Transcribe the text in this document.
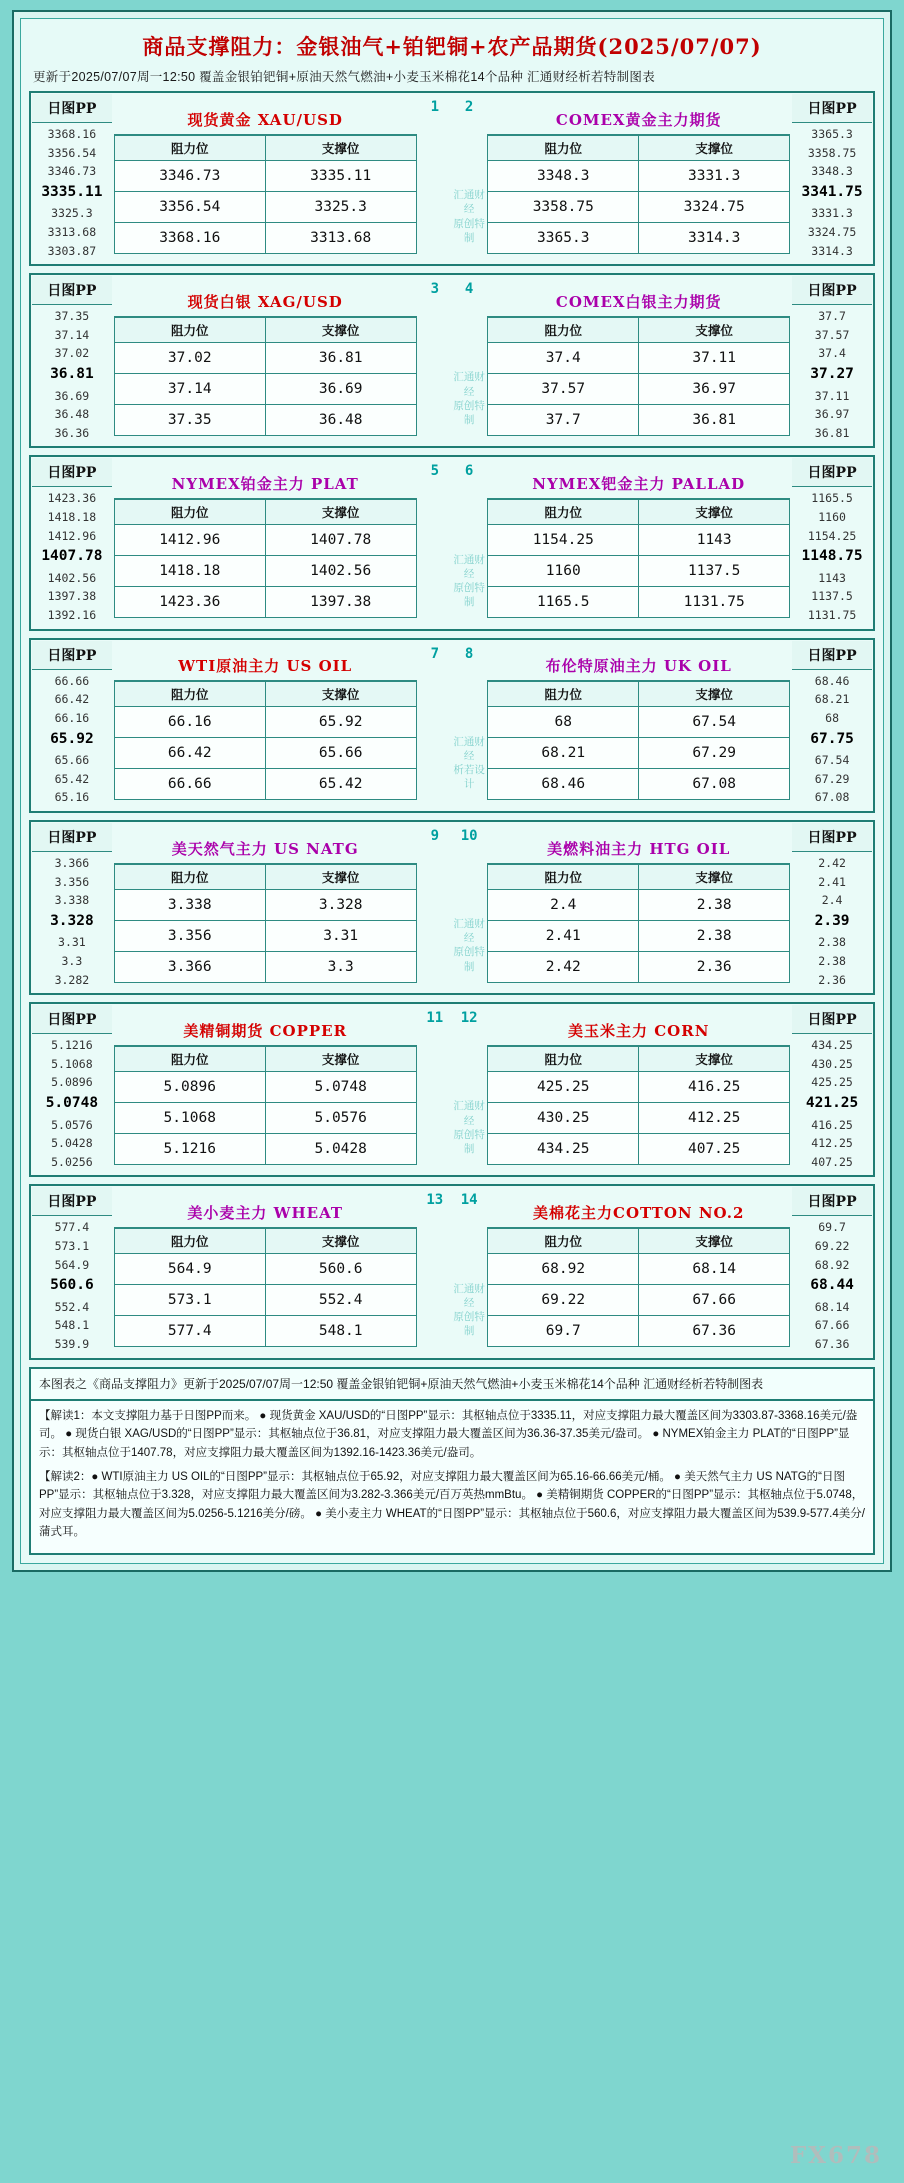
商品支撑阻力：金银油气+铂钯铜+农产品期货(2025/07/07)
更新于2025/07/07周一12:50 覆盖金银铂钯铜+原油天然气燃油+小麦玉米棉花14个品种 汇通财经析若特制图表
日图PP
3368.16
3356.54
3346.73
3335.11
3325.3
3313.68
3303.87

现货黄金 XAU/USD
阻力位	支撑位
3346.73	3335.11
3356.54	3325.3
3368.16	3313.68
	1	2
汇通财经
原创特制

COMEX黄金主力期货
阻力位	支撑位
3348.3	3331.3
3358.75	3324.75
3365.3	3314.3

日图PP
3365.3
3358.75
3348.3
3341.75
3331.3
3324.75
3314.3
日图PP
37.35
37.14
37.02
36.81
36.69
36.48
36.36

现货白银 XAG/USD
阻力位	支撑位
37.02	36.81
37.14	36.69
37.35	36.48
	3	4
汇通财经
原创特制

COMEX白银主力期货
阻力位	支撑位
37.4	37.11
37.57	36.97
37.7	36.81

日图PP
37.7
37.57
37.4
37.27
37.11
36.97
36.81
日图PP
1423.36
1418.18
1412.96
1407.78
1402.56
1397.38
1392.16

NYMEX铂金主力 PLAT
阻力位	支撑位
1412.96	1407.78
1418.18	1402.56
1423.36	1397.38
	5	6
汇通财经
原创特制

NYMEX钯金主力 PALLAD
阻力位	支撑位
1154.25	1143
1160	1137.5
1165.5	1131.75

日图PP
1165.5
1160
1154.25
1148.75
1143
1137.5
1131.75
日图PP
66.66
66.42
66.16
65.92
65.66
65.42
65.16

WTI原油主力 US OIL
阻力位	支撑位
66.16	65.92
66.42	65.66
66.66	65.42
	7	8
汇通财经
析若设计

布伦特原油主力 UK OIL
阻力位	支撑位
68	67.54
68.21	67.29
68.46	67.08

日图PP
68.46
68.21
68
67.75
67.54
67.29
67.08
日图PP
3.366
3.356
3.338
3.328
3.31
3.3
3.282

美天然气主力 US NATG
阻力位	支撑位
3.338	3.328
3.356	3.31
3.366	3.3
	9	10
汇通财经
原创特制

美燃料油主力 HTG OIL
阻力位	支撑位
2.4	2.38
2.41	2.38
2.42	2.36

日图PP
2.42
2.41
2.4
2.39
2.38
2.38
2.36
日图PP
5.1216
5.1068
5.0896
5.0748
5.0576
5.0428
5.0256

美精铜期货 COPPER
阻力位	支撑位
5.0896	5.0748
5.1068	5.0576
5.1216	5.0428
	11	12
汇通财经
原创特制

美玉米主力 CORN
阻力位	支撑位
425.25	416.25
430.25	412.25
434.25	407.25

日图PP
434.25
430.25
425.25
421.25
416.25
412.25
407.25
日图PP
577.4
573.1
564.9
560.6
552.4
548.1
539.9

美小麦主力 WHEAT
阻力位	支撑位
564.9	560.6
573.1	552.4
577.4	548.1
	13	14
汇通财经
原创特制

美棉花主力COTTON NO.2
阻力位	支撑位
68.92	68.14
69.22	67.66
69.7	67.36

日图PP
69.7
69.22
68.92
68.44
68.14
67.66
67.36
本图表之《商品支撑阻力》更新于2025/07/07周一12:50 覆盖金银铂钯铜+原油天然气燃油+小麦玉米棉花14个品种 汇通财经析若特制图表

【解读1：本文支撑阻力基于日图PP而来。 ● 现货黄金 XAU/USD的“日图PP”显示：其枢轴点位于3335.11，对应支撑阻力最大覆盖区间为3303.87-3368.16美元/盎司。 ● 现货白银 XAG/USD的“日图PP”显示：其枢轴点位于36.81，对应支撑阻力最大覆盖区间为36.36-37.35美元/盎司。 ● NYMEX铂金主力 PLAT的“日图PP”显示：其枢轴点位于1407.78，对应支撑阻力最大覆盖区间为1392.16-1423.36美元/盎司。

【解读2：● WTI原油主力 US OIL的“日图PP”显示：其枢轴点位于65.92，对应支撑阻力最大覆盖区间为65.16-66.66美元/桶。 ● 美天然气主力 US NATG的“日图PP”显示：其枢轴点位于3.328，对应支撑阻力最大覆盖区间为3.282-3.366美元/百万英热mmBtu。 ● 美精铜期货 COPPER的“日图PP”显示：其枢轴点位于5.0748，对应支撑阻力最大覆盖区间为5.0256-5.1216美分/磅。 ● 美小麦主力 WHEAT的“日图PP”显示：其枢轴点位于560.6，对应支撑阻力最大覆盖区间为539.9-577.4美分/蒲式耳。

FX678
